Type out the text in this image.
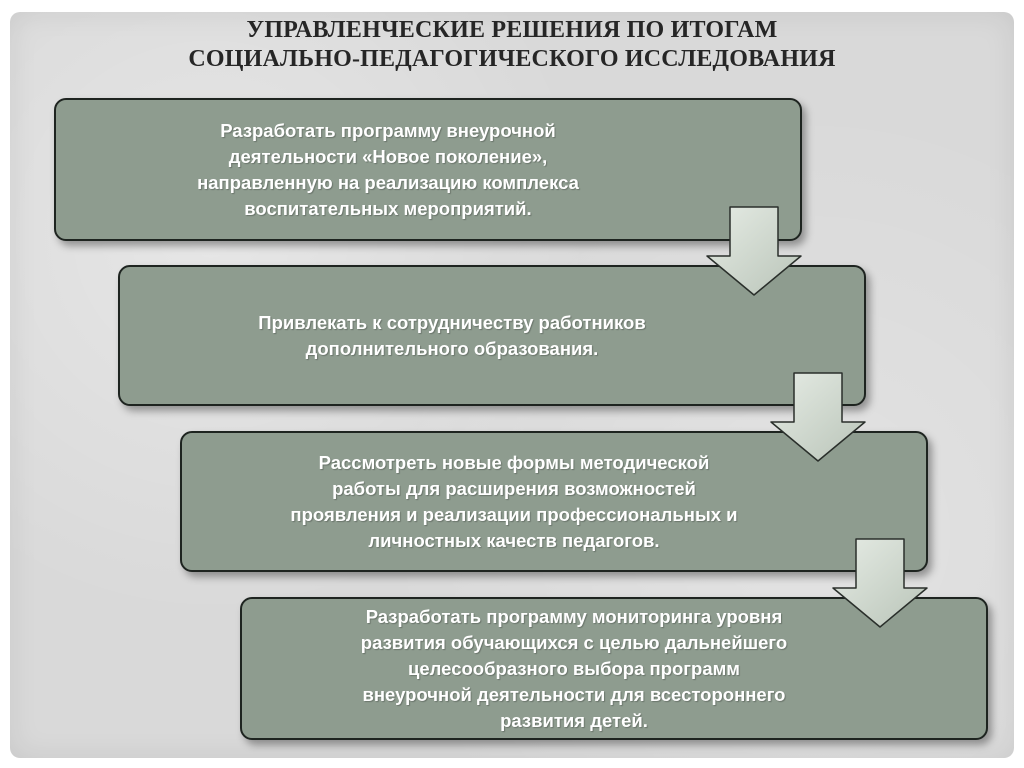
УПРАВЛЕНЧЕСКИЕ РЕШЕНИЯ ПО ИТОГАМ
СОЦИАЛЬНО-ПЕДАГОГИЧЕСКОГО ИССЛЕДОВАНИЯ
Разработать программу внеурочной
деятельности «Новое поколение»,
направленную на реализацию комплекса
воспитательных мероприятий.
Привлекать к сотрудничеству работников
дополнительного образования.
Рассмотреть новые формы методической
работы для расширения возможностей
проявления и реализации профессиональных и
личностных качеств педагогов.
Разработать программу мониторинга уровня
развития обучающихся с целью дальнейшего
целесообразного выбора программ
внеурочной деятельности для всестороннего
развития детей.
